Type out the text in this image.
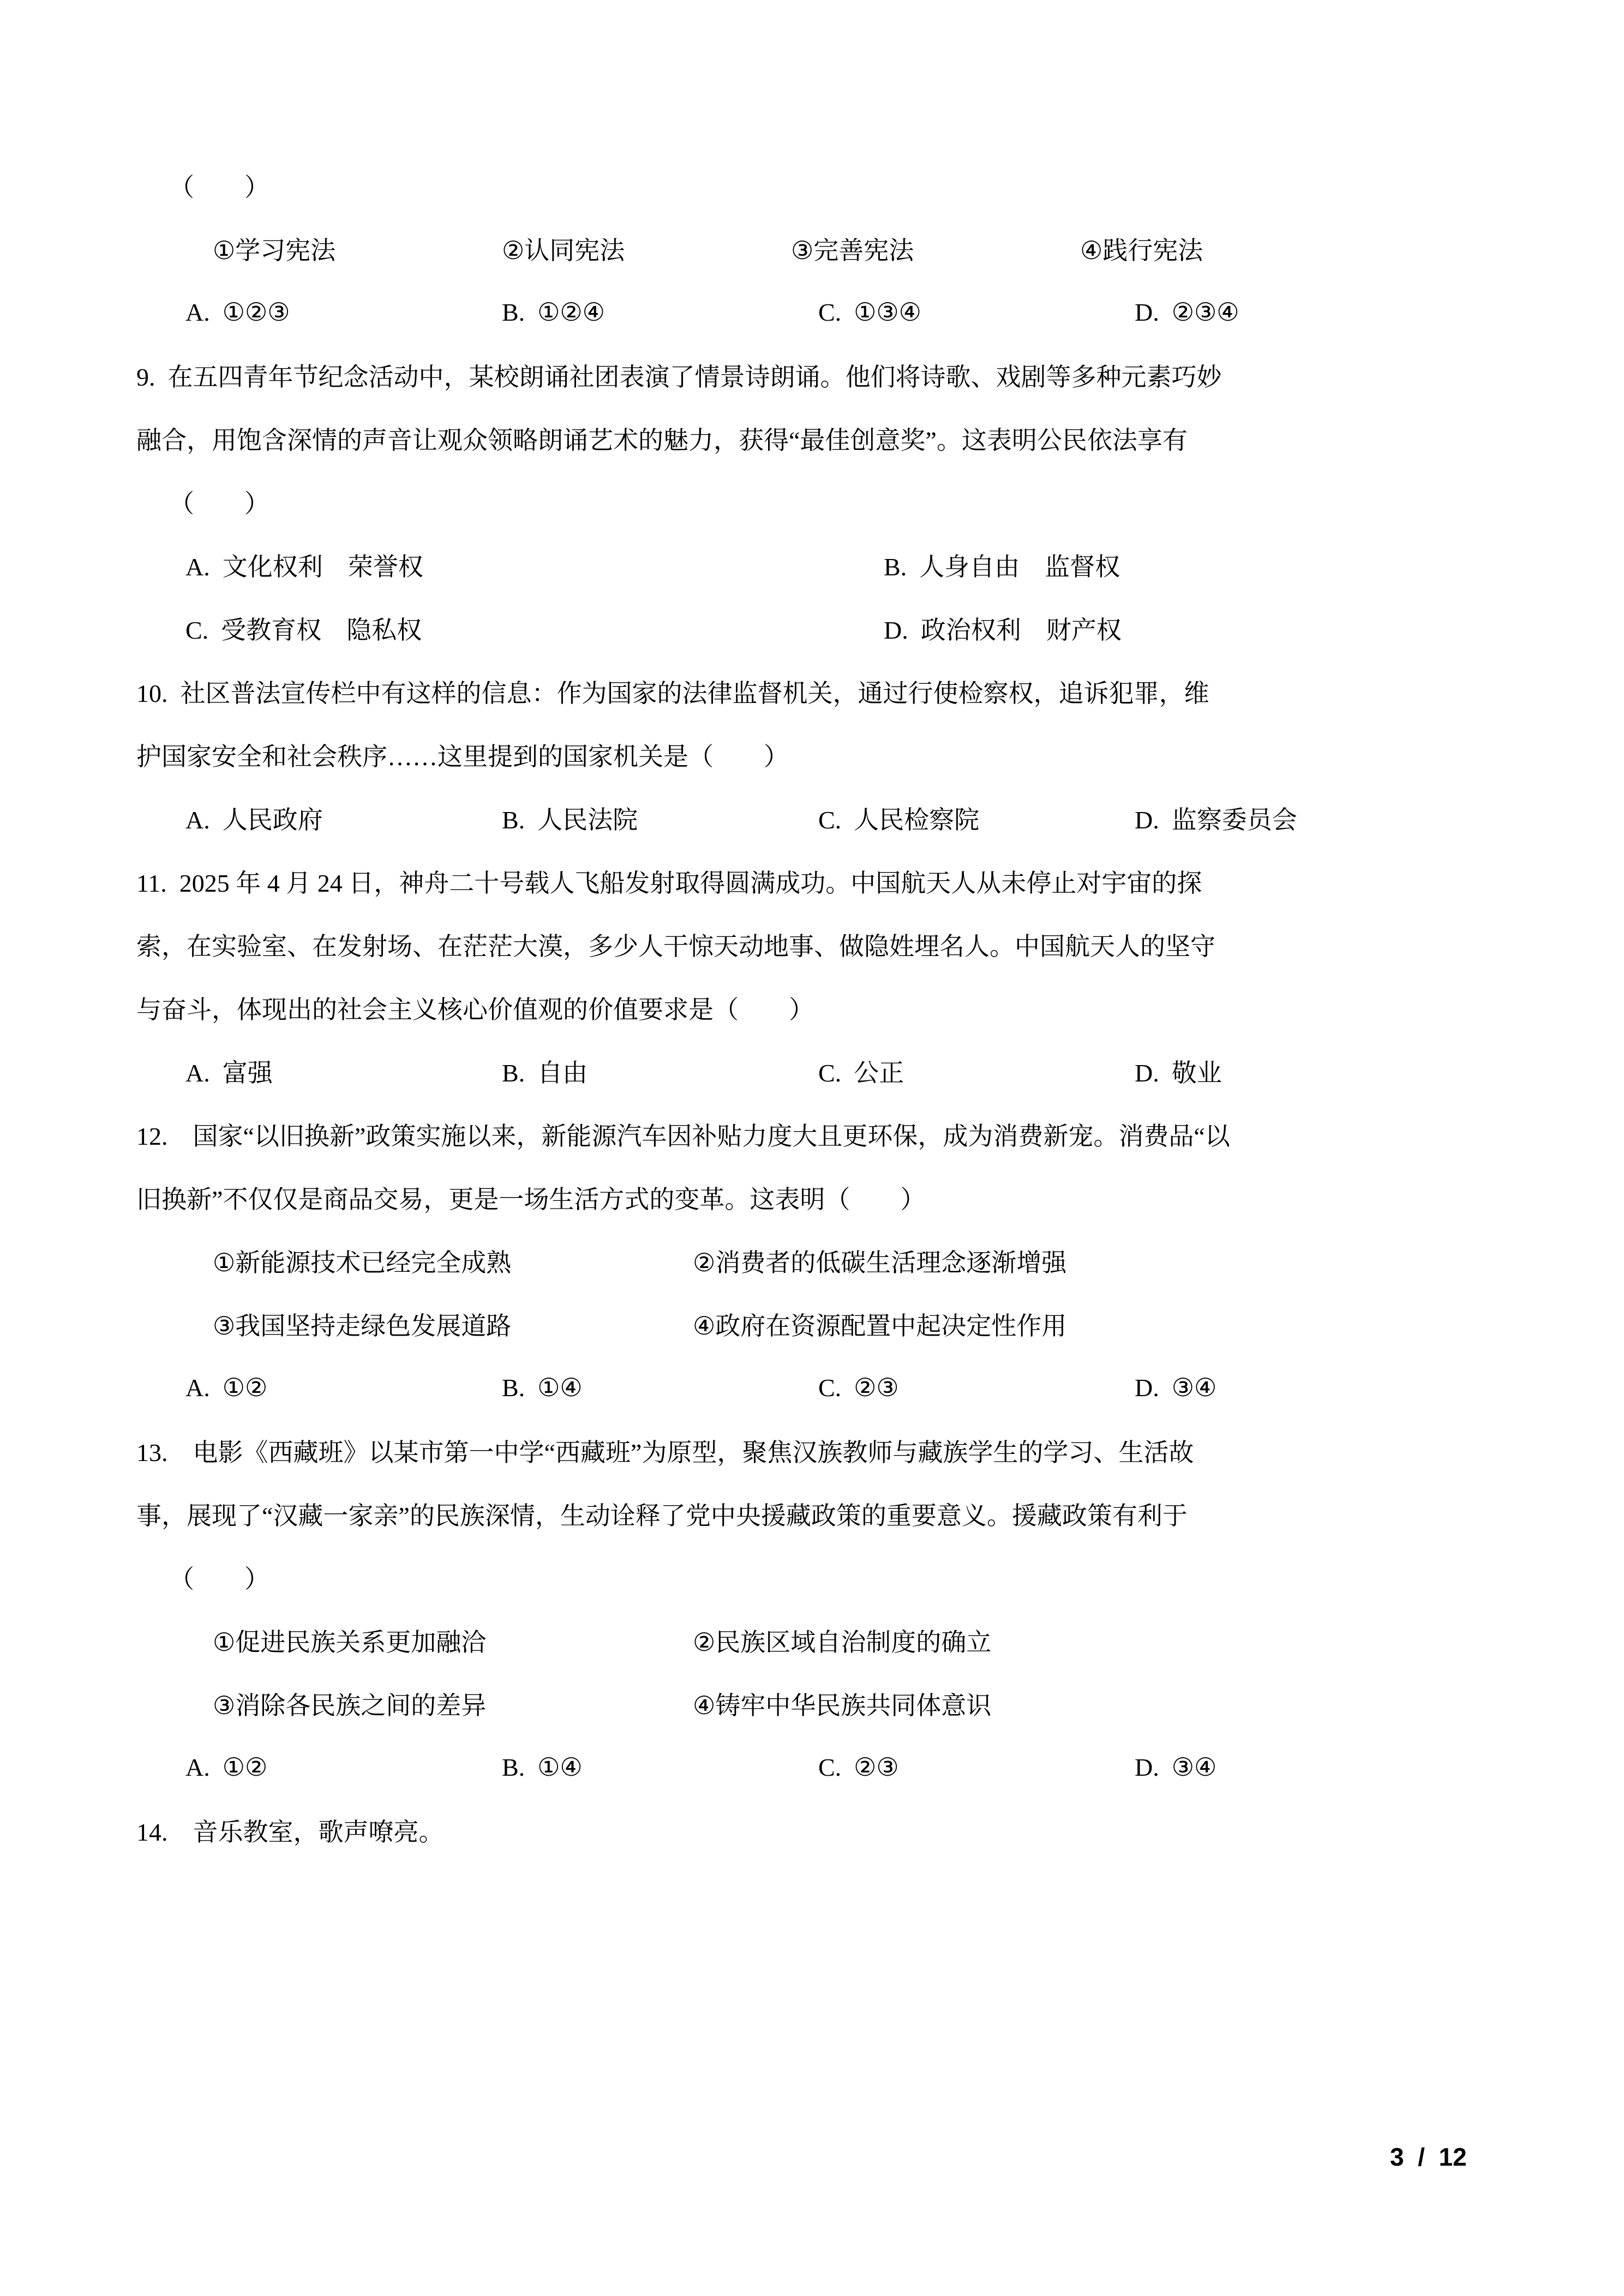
（        ）
①学习宪法	②认同宪法	③完善宪法	④践行宪法
A.  ①②③	B.  ①②④	C.  ①③④	D.  ②③④
9.  在五四青年节纪念活动中，某校朗诵社团表演了情景诗朗诵。他们将诗歌、戏剧等多种元素巧妙
融合，用饱含深情的声音让观众领略朗诵艺术的魅力，获得“最佳创意奖”。这表明公民依法享有
（        ）
A.  文化权利    荣誉权	B.  人身自由    监督权
C.  受教育权    隐私权	D.  政治权利    财产权
10.  社区普法宣传栏中有这样的信息：作为国家的法律监督机关，通过行使检察权，追诉犯罪，维
护国家安全和社会秩序……这里提到的国家机关是（        ）
A.  人民政府	B.  人民法院	C.  人民检察院	D.  监察委员会
11.  2025 年 4 月 24 日，神舟二十号载人飞船发射取得圆满成功。中国航天人从未停止对宇宙的探
索，在实验室、在发射场、在茫茫大漠，多少人干惊天动地事、做隐姓埋名人。中国航天人的坚守
与奋斗，体现出的社会主义核心价值观的价值要求是（        ）
A.  富强	B.  自由	C.  公正	D.  敬业
12.    国家“以旧换新”政策实施以来，新能源汽车因补贴力度大且更环保，成为消费新宠。消费品“以
旧换新”不仅仅是商品交易，更是一场生活方式的变革。这表明（        ）
①新能源技术已经完全成熟	②消费者的低碳生活理念逐渐增强
③我国坚持走绿色发展道路	④政府在资源配置中起决定性作用
A.  ①②	B.  ①④	C.  ②③	D.  ③④
13.    电影《西藏班》以某市第一中学“西藏班”为原型，聚焦汉族教师与藏族学生的学习、生活故
事，展现了“汉藏一家亲”的民族深情，生动诠释了党中央援藏政策的重要意义。援藏政策有利于
（        ）
①促进民族关系更加融洽	②民族区域自治制度的确立
③消除各民族之间的差异	④铸牢中华民族共同体意识
A.  ①②	B.  ①④	C.  ②③	D.  ③④
14.    音乐教室，歌声嘹亮。
3  /  12
